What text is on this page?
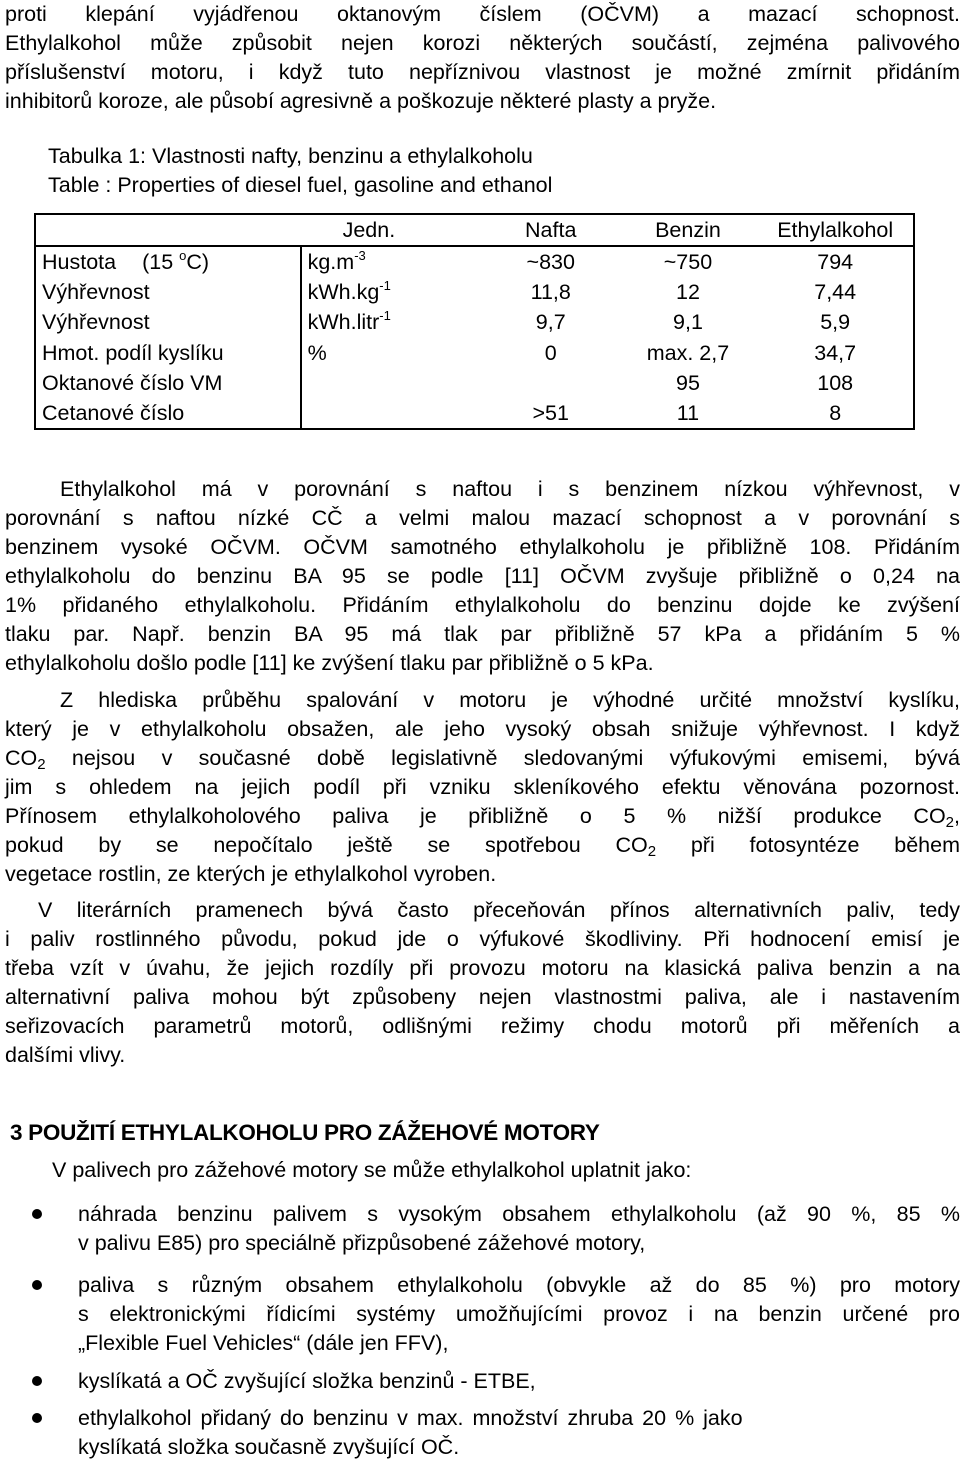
proti klepání vyjádřenou oktanovým číslem (OČVM) a mazací schopnost.
Ethylalkohol může způsobit nejen korozi některých součástí, zejména palivového
příslušenství motoru, i když tuto nepříznivou vlastnost je možné zmírnit přidáním
inhibitorů koroze, ale působí agresivně a poškozuje některé plasty a pryže.
Tabulka 1: Vlastnosti nafty, benzinu a ethylalkoholu
Table : Properties of diesel fuel, gasoline and ethanol
	Jedn.	Nafta	Benzin	Ethylalkohol
Hustota (15 $^o$C)	$kg.m^{-3}$	~830	~750	794
Výhřevnost	$kWh.kg^{-1}$	11,8	12	7,44
Výhřevnost	kWh.litr$^{-1}$	9,7	9,1	5,9
Hmot. podíl kyslíku	%	0	max. 2,7	34,7
Oktanové číslo VM			95	108
Cetanové číslo		>51	11	8
Ethylalkohol má v porovnání s naftou i s benzinem nízkou výhřevnost, v
porovnání s naftou nízké CČ a velmi malou mazací schopnost a v porovnání s
benzinem vysoké OČVM. OČVM samotného ethylalkoholu je přibližně 108. Přidáním
ethylalkoholu do benzinu BA 95 se podle [11] OČVM zvyšuje přibližně o 0,24 na
1% přidaného ethylalkoholu. Přidáním ethylalkoholu do benzinu dojde ke zvýšení
tlaku par. Např. benzin BA 95 má tlak par přibližně 57 kPa a přidáním 5 %
ethylalkoholu došlo podle [11] ke zvýšení tlaku par přibližně o 5 kPa.
Z hlediska průběhu spalování v motoru je výhodné určité množství kyslíku,
který je v ethylalkoholu obsažen, ale jeho vysoký obsah snižuje výhřevnost. I když
$CO_2$ nejsou v současné době legislativně sledovanými výfukovými emisemi, bývá
jim s ohledem na jejich podíl při vzniku skleníkového efektu věnována pozornost.
Přínosem ethylalkoholového paliva je přibližně o 5 % nižší produkce $CO_2$,
pokud by se nepočítalo ještě se spotřebou $CO_2$ při fotosyntéze během
vegetace rostlin, ze kterých je ethylalkohol vyroben.
V literárních pramenech bývá často přeceňován přínos alternativních paliv, tedy
i paliv rostlinného původu, pokud jde o výfukové škodliviny. Při hodnocení emisí je
třeba vzít v úvahu, že jejich rozdíly při provozu motoru na klasická paliva benzin a na
alternativní paliva mohou být způsobeny nejen vlastnostmi paliva, ale i nastavením
seřizovacích parametrů motorů, odlišnými režimy chodu motorů při měřeních a
dalšími vlivy.
3 POUŽITÍ ETHYLALKOHOLU PRO ZÁŽEHOVÉ MOTORY
V palivech pro zážehové motory se může ethylalkohol uplatnit jako:
náhrada benzinu palivem s vysokým obsahem ethylalkoholu (až 90 %, 85 %
v palivu E85) pro speciálně přizpůsobené zážehové motory,
paliva s různým obsahem ethylalkoholu (obvykle až do 85 %) pro motory
s elektronickými řídicími systémy umožňujícími provoz i na benzin určené pro
„Flexible Fuel Vehicles“ (dále jen FFV),
kyslíkatá a OČ zvyšující složka benzinů - ETBE,
ethylalkohol přidaný do benzinu v max. množství zhruba 20 % jako
kyslíkatá složka současně zvyšující OČ.
